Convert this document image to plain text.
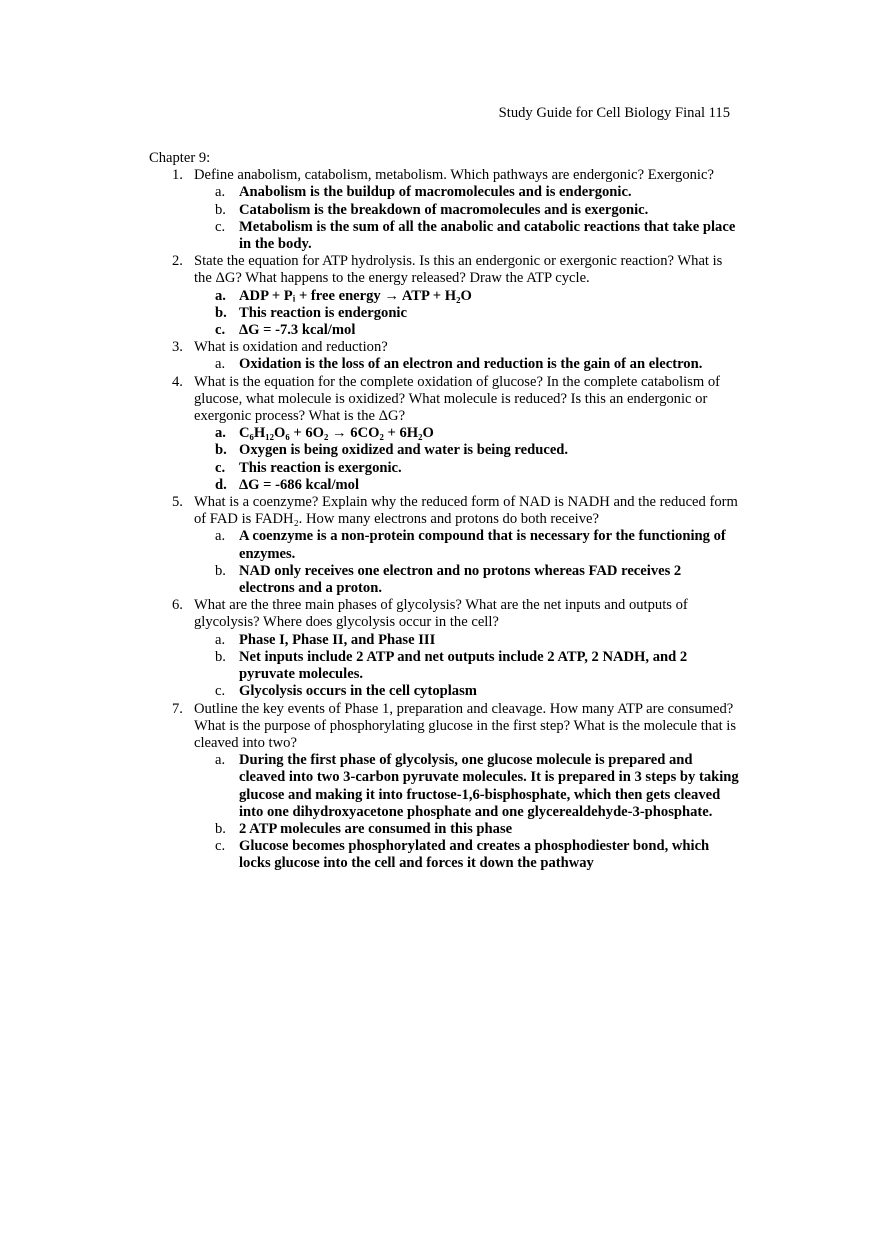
Study Guide for Cell Biology Final 115
Chapter 9:
1. Define anabolism, catabolism, metabolism. Which pathways are endergonic? Exergonic?
a. Anabolism is the buildup of macromolecules and is endergonic.
b. Catabolism is the breakdown of macromolecules and is exergonic.
c. Metabolism is the sum of all the anabolic and catabolic reactions that take place in the body.
2. State the equation for ATP hydrolysis. Is this an endergonic or exergonic reaction? What is the ΔG? What happens to the energy released? Draw the ATP cycle.
a. ADP + Pᵢ + free energy → ATP + H₂O
b. This reaction is endergonic
c. ΔG = -7.3 kcal/mol
3. What is oxidation and reduction?
a. Oxidation is the loss of an electron and reduction is the gain of an electron.
4. What is the equation for the complete oxidation of glucose? In the complete catabolism of glucose, what molecule is oxidized? What molecule is reduced? Is this an endergonic or exergonic process? What is the ΔG?
a. C₆H₁₂O₆ + 6O₂ → 6CO₂ + 6H₂O
b. Oxygen is being oxidized and water is being reduced.
c. This reaction is exergonic.
d. ΔG = -686 kcal/mol
5. What is a coenzyme? Explain why the reduced form of NAD is NADH and the reduced form of FAD is FADH₂. How many electrons and protons do both receive?
a. A coenzyme is a non-protein compound that is necessary for the functioning of enzymes.
b. NAD only receives one electron and no protons whereas FAD receives 2 electrons and a proton.
6. What are the three main phases of glycolysis? What are the net inputs and outputs of glycolysis? Where does glycolysis occur in the cell?
a. Phase I, Phase II, and Phase III
b. Net inputs include 2 ATP and net outputs include 2 ATP, 2 NADH, and 2 pyruvate molecules.
c. Glycolysis occurs in the cell cytoplasm
7. Outline the key events of Phase 1, preparation and cleavage. How many ATP are consumed? What is the purpose of phosphorylating glucose in the first step? What is the molecule that is cleaved into two?
a. During the first phase of glycolysis, one glucose molecule is prepared and cleaved into two 3-carbon pyruvate molecules. It is prepared in 3 steps by taking glucose and making it into fructose-1,6-bisphosphate, which then gets cleaved into one dihydroxyacetone phosphate and one glycerealdehyde-3-phosphate.
b. 2 ATP molecules are consumed in this phase
c. Glucose becomes phosphorylated and creates a phosphodiester bond, which locks glucose into the cell and forces it down the pathway
